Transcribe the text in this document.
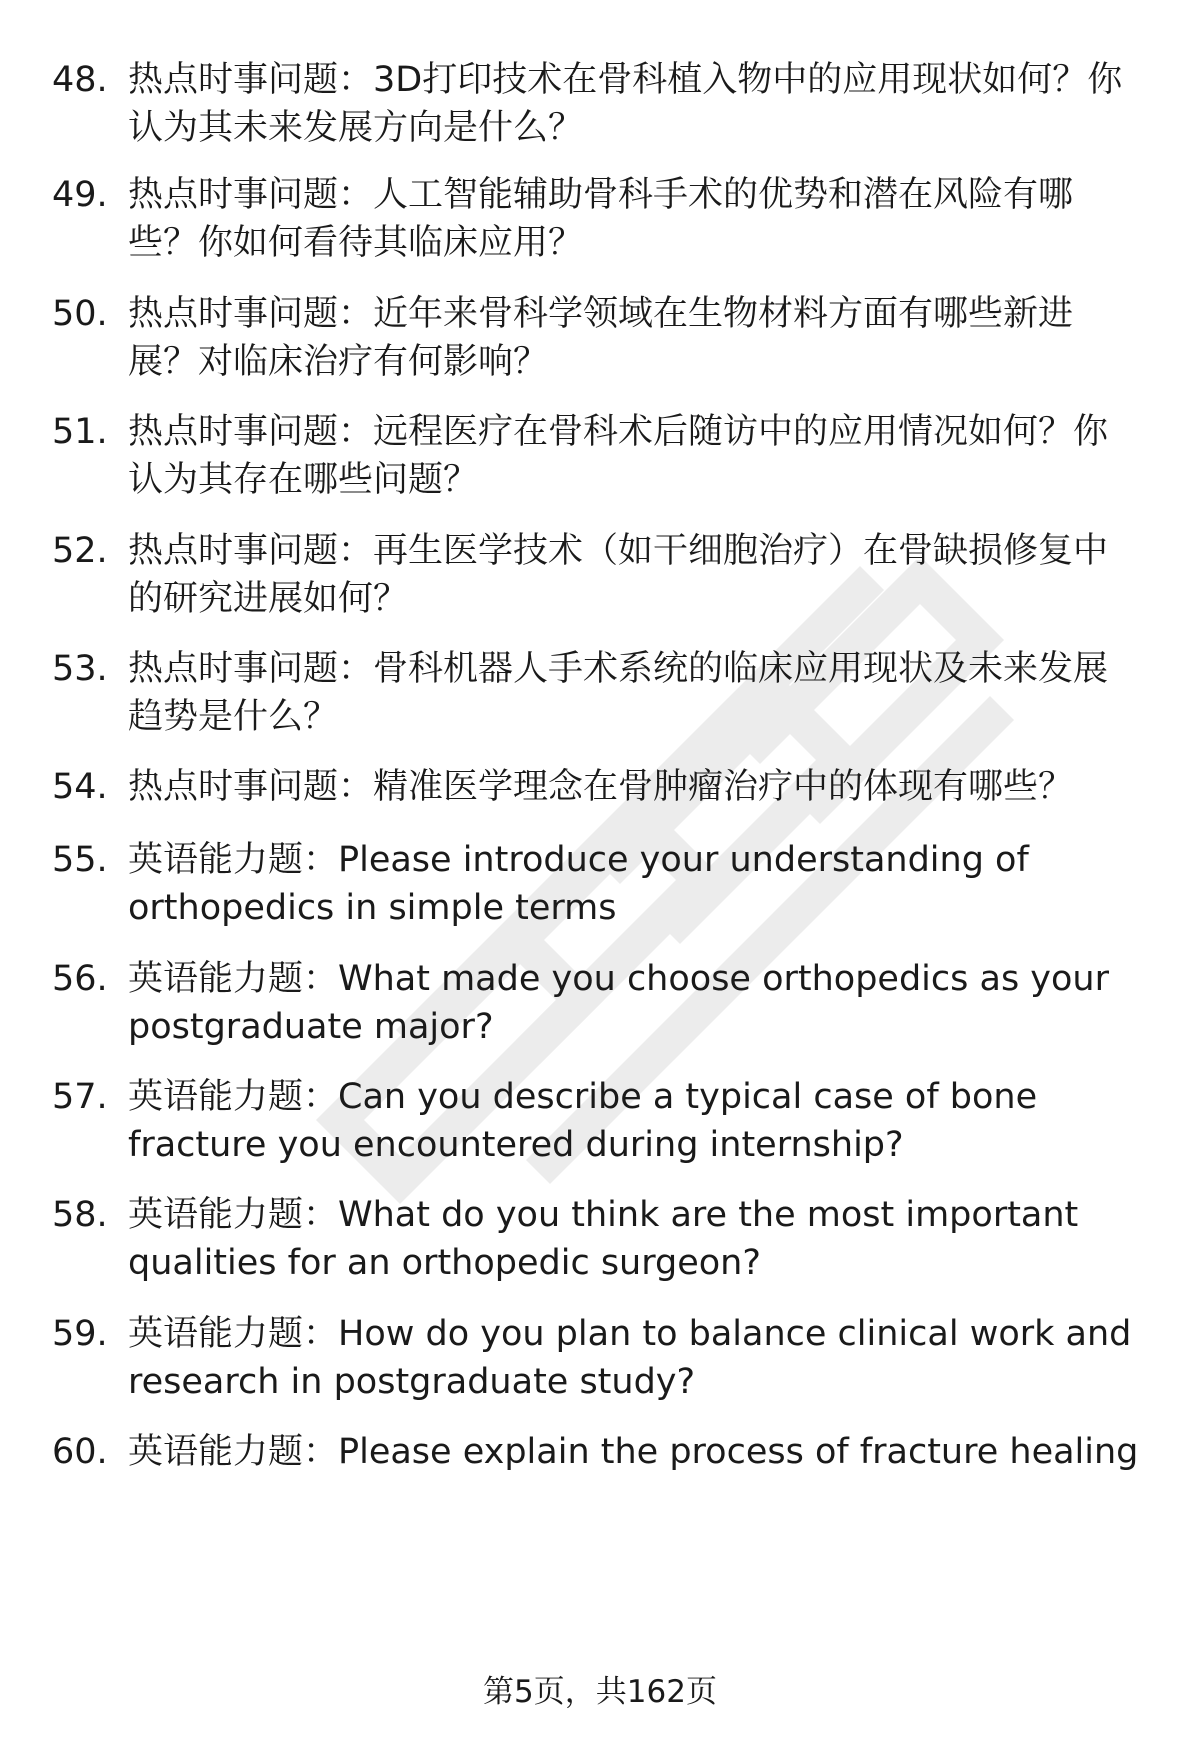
48. 热点时事问题：3D打印技术在骨科植入物中的应用现状如何？你
认为其未来发展方向是什么？
49. 热点时事问题：人工智能辅助骨科手术的优势和潜在风险有哪
些？你如何看待其临床应用？
50. 热点时事问题：近年来骨科学领域在生物材料方面有哪些新进
展？对临床治疗有何影响？
51. 热点时事问题：远程医疗在骨科术后随访中的应用情况如何？你
认为其存在哪些问题？
52. 热点时事问题：再生医学技术（如干细胞治疗）在骨缺损修复中
的研究进展如何？
53. 热点时事问题：骨科机器人手术系统的临床应用现状及未来发展
趋势是什么？
54. 热点时事问题：精准医学理念在骨肿瘤治疗中的体现有哪些？
55. 英语能力题：Please introduce your understanding of
orthopedics in simple terms
56. 英语能力题：What made you choose orthopedics as your
postgraduate major?
57. 英语能力题：Can you describe a typical case of bone
fracture you encountered during internship?
58. 英语能力题：What do you think are the most important
qualities for an orthopedic surgeon?
59. 英语能力题：How do you plan to balance clinical work and
research in postgraduate study?
60. 英语能力题：Please explain the process of fracture healing
第5页，共162页
